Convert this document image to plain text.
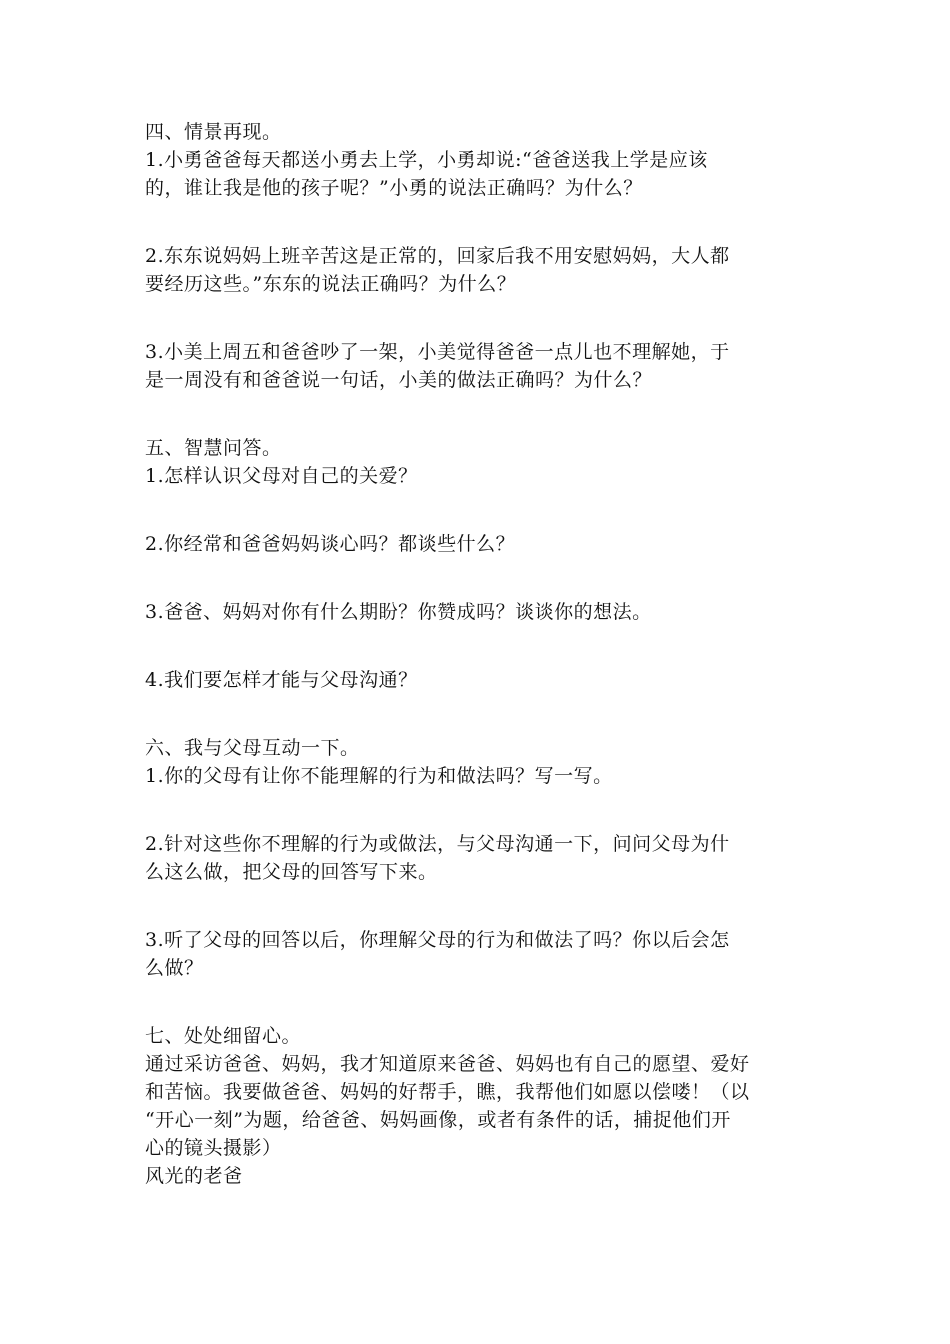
四、情景再现。
1.小勇爸爸每天都送小勇去上学，小勇却说:“爸爸送我上学是应该
的，谁让我是他的孩子呢？”小勇的说法正确吗？为什么？
2.东东说妈妈上班辛苦这是正常的，回家后我不用安慰妈妈，大人都
要经历这些。”东东的说法正确吗？为什么？
3.小美上周五和爸爸吵了一架，小美觉得爸爸一点儿也不理解她，于
是一周没有和爸爸说一句话，小美的做法正确吗？为什么？
五、智慧问答。
1.怎样认识父母对自己的关爱？
2.你经常和爸爸妈妈谈心吗？都谈些什么？
3.爸爸、妈妈对你有什么期盼？你赞成吗？谈谈你的想法。
4.我们要怎样才能与父母沟通？
六、我与父母互动一下。
1.你的父母有让你不能理解的行为和做法吗？写一写。
2.针对这些你不理解的行为或做法，与父母沟通一下，问问父母为什
么这么做，把父母的回答写下来。
3.听了父母的回答以后，你理解父母的行为和做法了吗？你以后会怎
么做？
七、处处细留心。
通过采访爸爸、妈妈，我才知道原来爸爸、妈妈也有自己的愿望、爱好
和苦恼。我要做爸爸、妈妈的好帮手，瞧，我帮他们如愿以偿喽！（以
“开心一刻”为题，给爸爸、妈妈画像，或者有条件的话，捕捉他们开
心的镜头摄影）
风光的老爸
